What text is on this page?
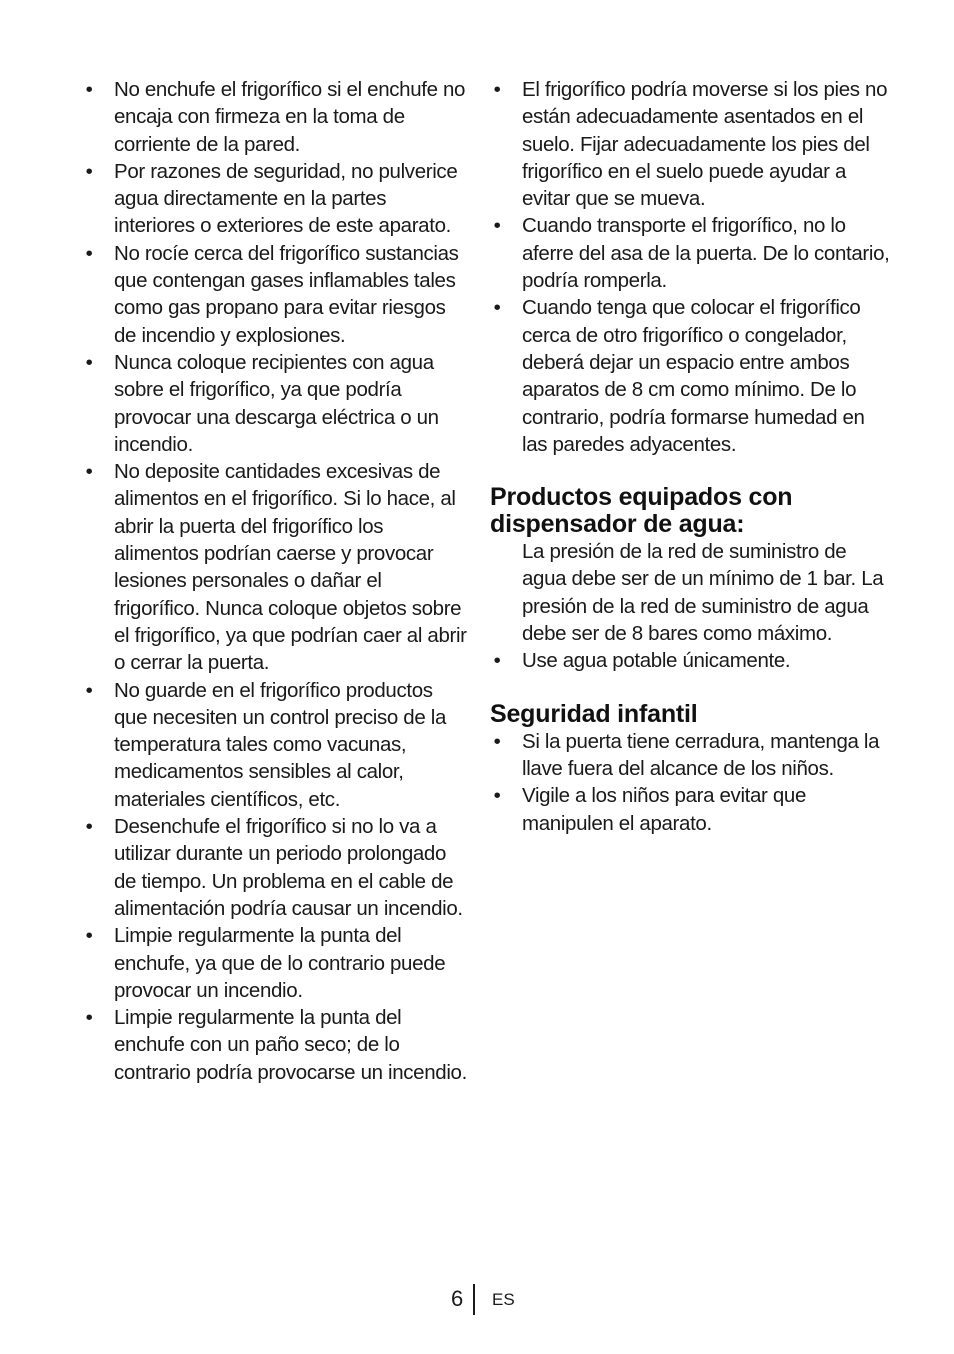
• No enchufe el frigorífico si el enchufe no encaja con firmeza en la toma de corriente de la pared.
• Por razones de seguridad, no pulverice agua directamente en la partes interiores o exteriores de este aparato.
• No rocíe cerca del frigorífico sustancias que contengan gases inflamables tales como gas propano para evitar riesgos de incendio y explosiones.
• Nunca coloque recipientes con agua sobre el frigorífico, ya que podría provocar una descarga eléctrica o un incendio.
• No deposite cantidades excesivas de alimentos en el frigorífico. Si lo hace, al abrir la puerta del frigorífico los alimentos podrían caerse y provocar lesiones personales o dañar el frigorífico. Nunca coloque objetos sobre el frigorífico, ya que podrían caer al abrir o cerrar la puerta.
• No guarde en el frigorífico productos que necesiten un control preciso de la temperatura tales como vacunas, medicamentos sensibles al calor, materiales científicos, etc.
• Desenchufe el frigorífico si no lo va a utilizar durante un periodo prolongado de tiempo. Un problema en el cable de alimentación podría causar un incendio.
• Limpie regularmente la punta del enchufe, ya que de lo contrario puede provocar un incendio.
• Limpie regularmente la punta del enchufe con un paño seco; de lo contrario podría provocarse un incendio.
• El frigorífico podría moverse si los pies no están adecuadamente asentados en el suelo. Fijar adecuadamente los pies del frigorífico en el suelo puede ayudar a evitar que se mueva.
• Cuando transporte el frigorífico, no lo aferre del asa de la puerta. De lo contario, podría romperla.
• Cuando tenga que colocar el frigorífico cerca de otro frigorífico o congelador, deberá dejar un espacio entre ambos aparatos de 8 cm como mínimo. De lo contrario, podría formarse humedad en las paredes adyacentes.
Productos equipados con dispensador de agua:
La presión de la red de suministro de agua debe ser de un mínimo de 1 bar. La presión de la red de suministro de agua debe ser de 8 bares como máximo.
• Use agua potable únicamente.
Seguridad infantil
• Si la puerta tiene cerradura, mantenga la llave fuera del alcance de los niños.
• Vigile a los niños para evitar que manipulen el aparato.
6 ES
